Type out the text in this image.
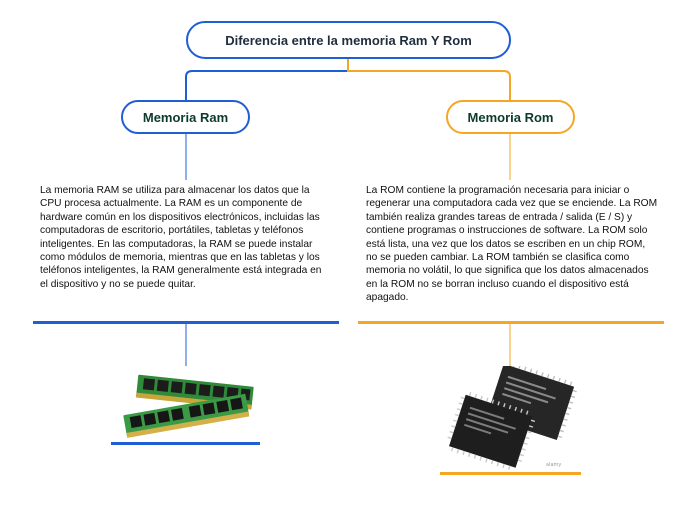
Diferencia entre la memoria Ram Y Rom
Memoria Ram	Memoria Rom
La memoria RAM se utiliza para almacenar los datos que la CPU procesa actualmente. La RAM es un componente de hardware común en los dispositivos electrónicos, incluidas las computadoras de escritorio, portátiles, tabletas y teléfonos inteligentes. En las computadoras, la RAM se puede instalar como módulos de memoria, mientras que en las tabletas y los teléfonos inteligentes, la RAM generalmente está integrada en el dispositivo y no se puede quitar.
La ROM contiene la programación necesaria para iniciar o regenerar una computadora cada vez que se enciende. La ROM también realiza grandes tareas de entrada / salida (E / S) y contiene programas o instrucciones de software. La ROM solo está lista, una vez que los datos se escriben en un chip ROM, no se pueden cambiar. La ROM también se clasifica como memoria no volátil, lo que significa que los datos almacenados en la ROM no se borran incluso cuando el dispositivo está apagado.
alamy
